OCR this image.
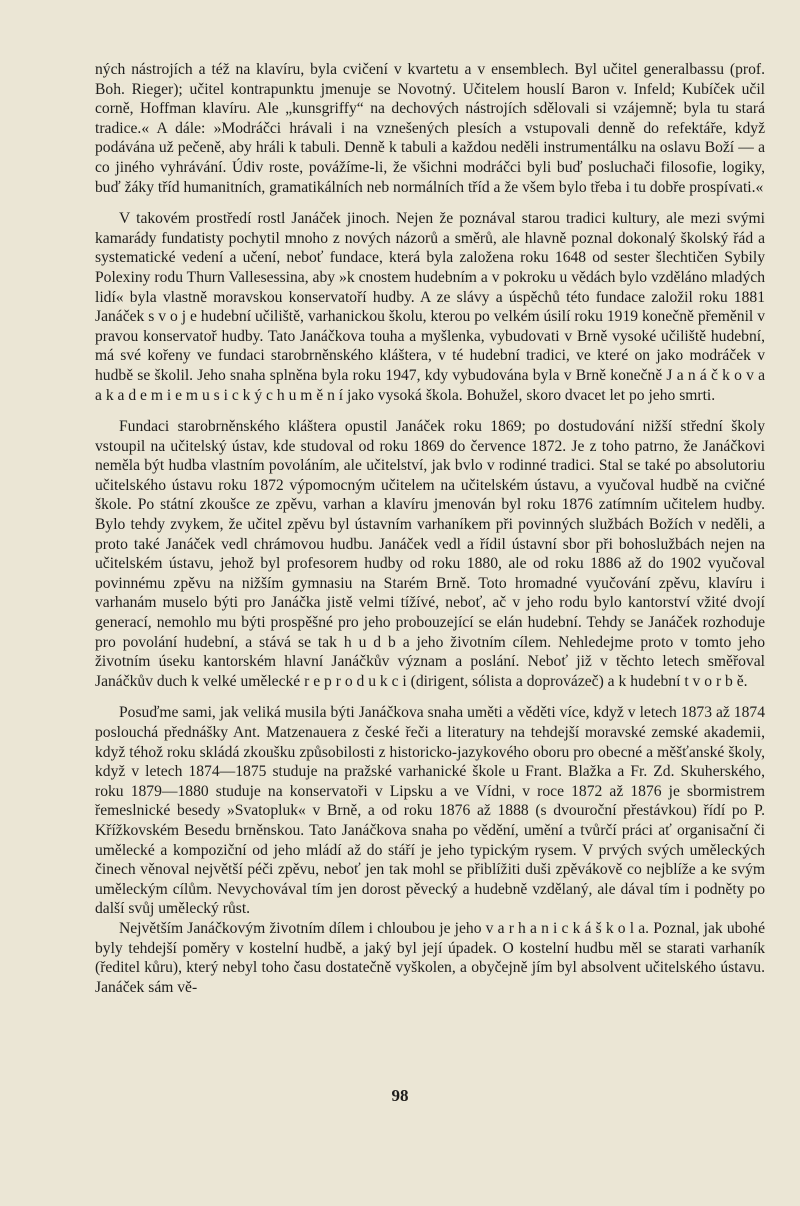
ných nástrojích a též na klavíru, byla cvičení v kvartetu a v ensemblech. Byl učitel generalbassu (prof. Boh. Rieger); učitel kontrapunktu jmenuje se Novotný. Učitelem houslí Baron v. Infeld; Kubíček učil corně, Hoffman klavíru. Ale „kunsgriffy“ na dechových nástrojích sdělovali si vzájemně; byla tu stará tradice.« A dále: »Modráčci hrávali i na vznešených plesích a vstupovali denně do refektáře, když podávána už pečeně, aby hráli k tabuli. Denně k tabuli a každou neděli instrumentálku na oslavu Boží — a co jiného vyhrávání. Údiv roste, povážíme-li, že všichni modráčci byli buď posluchači filosofie, logiky, buď žáky tříd humanitních, gramatikálních neb normálních tříd a že všem bylo třeba i tu dobře prospívati.«

V takovém prostředí rostl Janáček jinoch. Nejen že poznával starou tradici kultury, ale mezi svými kamarády fundatisty pochytil mnoho z nových názorů a směrů, ale hlavně poznal dokonalý školský řád a systematické vedení a učení, neboť fundace, která byla založena roku 1648 od sester šlechtičen Sybily Polexiny rodu Thurn Vallesessina, aby »k cnostem hudebním a v pokroku u vědách bylo vzděláno mladých lidí« byla vlastně moravskou konservatoří hudby. A ze slávy a úspěchů této fundace založil roku 1881 Janáček s v o j e hudební učiliště, varhanickou školu, kterou po velkém úsilí roku 1919 konečně přeměnil v pravou konservatoř hudby. Tato Janáčkova touha a myšlenka, vybudovati v Brně vysoké učiliště hudební, má své kořeny ve fundaci starobrněnského kláštera, v té hudební tradici, ve které on jako modráček v hudbě se školil. Jeho snaha splněna byla roku 1947, kdy vybudována byla v Brně konečně J a n á č k o v a a k a d e m i e m u s i c k ý c h u m ě n í jako vysoká škola. Bohužel, skoro dvacet let po jeho smrti.

Fundaci starobrněnského kláštera opustil Janáček roku 1869; po dostudování nižší střední školy vstoupil na učitelský ústav, kde studoval od roku 1869 do července 1872. Je z toho patrno, že Janáčkovi neměla být hudba vlastním povoláním, ale učitelství, jak bvlo v rodinné tradici. Stal se také po absolutoriu učitelského ústavu roku 1872 výpomocným učitelem na učitelském ústavu, a vyučoval hudbě na cvičné škole. Po státní zkoušce ze zpěvu, varhan a klavíru jmenován byl roku 1876 zatímním učitelem hudby. Bylo tehdy zvykem, že učitel zpěvu byl ústavním varhaníkem při povinných službách Božích v neděli, a proto také Janáček vedl chrámovou hudbu. Janáček vedl a řídil ústavní sbor při bohoslužbách nejen na učitelském ústavu, jehož byl profesorem hudby od roku 1880, ale od roku 1886 až do 1902 vyučoval povinnému zpěvu na nižším gymnasiu na Starém Brně. Toto hromadné vyučování zpěvu, klavíru i varhanám muselo býti pro Janáčka jistě velmi tížívé, neboť, ač v jeho rodu bylo kantorství vžité dvojí generací, nemohlo mu býti prospěšné pro jeho probouzející se elán hudební. Tehdy se Janáček rozhoduje pro povolání hudební, a stává se tak h u d b a jeho životním cílem. Nehledejme proto v tomto jeho životním úseku kantorském hlavní Janáčkův význam a poslání. Neboť již v těchto letech směřoval Janáčkův duch k velké umělecké r e p r o d u k c i (dirigent, sólista a doprovázeč) a k hudební t v o r b ě.

Posuďme sami, jak veliká musila býti Janáčkova snaha uměti a věděti více, když v letech 1873 až 1874 poslouchá přednášky Ant. Matzenauera z české řeči a literatury na tehdejší moravské zemské akademii, když téhož roku skládá zkoušku způsobilosti z historicko-jazykového oboru pro obecné a měšťanské školy, když v letech 1874—1875 studuje na pražské varhanické škole u Frant. Blažka a Fr. Zd. Skuherského, roku 1879—1880 studuje na konservatoři v Lipsku a ve Vídni, v roce 1872 až 1876 je sbormistrem řemeslnické besedy »Svatopluk« v Brně, a od roku 1876 až 1888 (s dvouroční přestávkou) řídí po P. Křížkovském Besedu brněnskou. Tato Janáčkova snaha po vědění, umění a tvůrčí práci ať organisační či umělecké a kompoziční od jeho mládí až do stáří je jeho typickým rysem. V prvých svých uměleckých činech věnoval největší péči zpěvu, neboť jen tak mohl se přiblížiti duši zpěvákově co nejblíže a ke svým uměleckým cílům. Nevychovával tím jen dorost pěvecký a hudebně vzdělaný, ale dával tím i podněty po další svůj umělecký růst.

Největším Janáčkovým životním dílem i chloubou je jeho v a r h a n i c k á š k o l a. Poznal, jak ubohé byly tehdejší poměry v kostelní hudbě, a jaký byl její úpadek. O kostelní hudbu měl se starati varhaník (ředitel kůru), který nebyl toho času dostatečně vyškolen, a obyčejně jím byl absolvent učitelského ústavu. Janáček sám vě-

98
